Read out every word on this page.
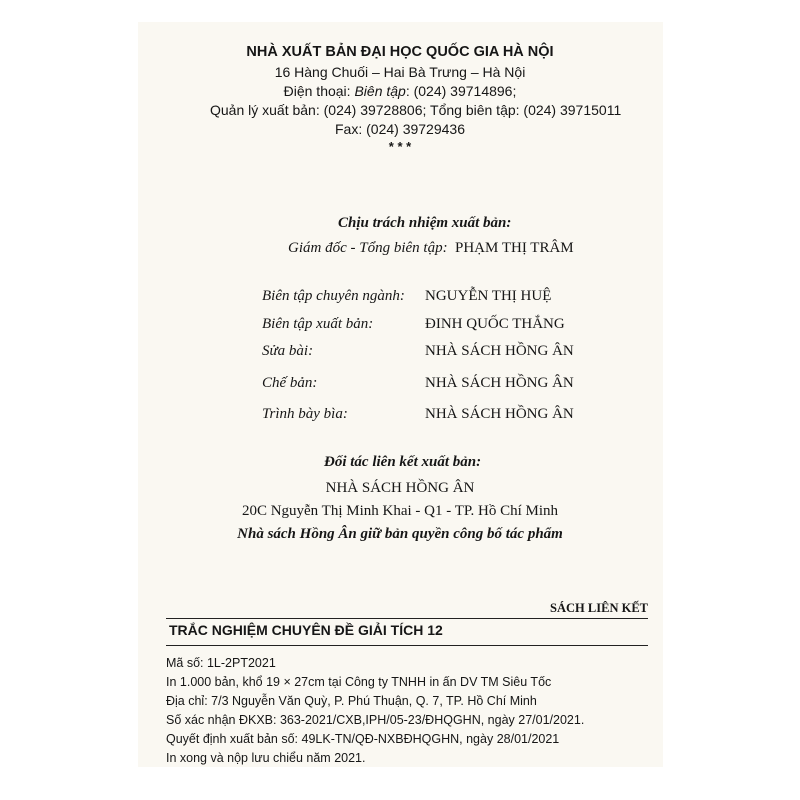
NHÀ XUẤT BẢN ĐẠI HỌC QUỐC GIA HÀ NỘI
16 Hàng Chuối – Hai Bà Trưng – Hà Nội
Điện thoại: Biên tập: (024) 39714896;
Quản lý xuất bản: (024) 39728806; Tổng biên tập: (024) 39715011
Fax: (024) 39729436
* * *
Chịu trách nhiệm xuất bản:
Giám đốc - Tổng biên tập: PHẠM THỊ TRÂM
Biên tập chuyên ngành: NGUYỄN THỊ HUỆ
Biên tập xuất bản:	ĐINH QUỐC THẮNG
Sửa bài:	NHÀ SÁCH HỒNG ÂN
Chế bản:	NHÀ SÁCH HỒNG ÂN
Trình bày bìa:	NHÀ SÁCH HỒNG ÂN
Đối tác liên kết xuất bản:
NHÀ SÁCH HỒNG ÂN
20C Nguyễn Thị Minh Khai - Q1 - TP. Hồ Chí Minh
Nhà sách Hồng Ân giữ bản quyền công bố tác phẩm
SÁCH LIÊN KẾT
TRẮC NGHIỆM CHUYÊN ĐỀ GIẢI TÍCH 12
Mã số: 1L-2PT2021
In 1.000 bản, khổ 19 × 27cm tại Công ty TNHH in ấn DV TM Siêu Tốc
Địa chỉ: 7/3 Nguyễn Văn Quỳ, P. Phú Thuận, Q. 7, TP. Hồ Chí Minh
Số xác nhận ĐKXB: 363-2021/CXB,IPH/05-23/ĐHQGHN, ngày 27/01/2021.
Quyết định xuất bản số: 49LK-TN/QĐ-NXBĐHQGHN, ngày 28/01/2021
In xong và nộp lưu chiểu năm 2021.
